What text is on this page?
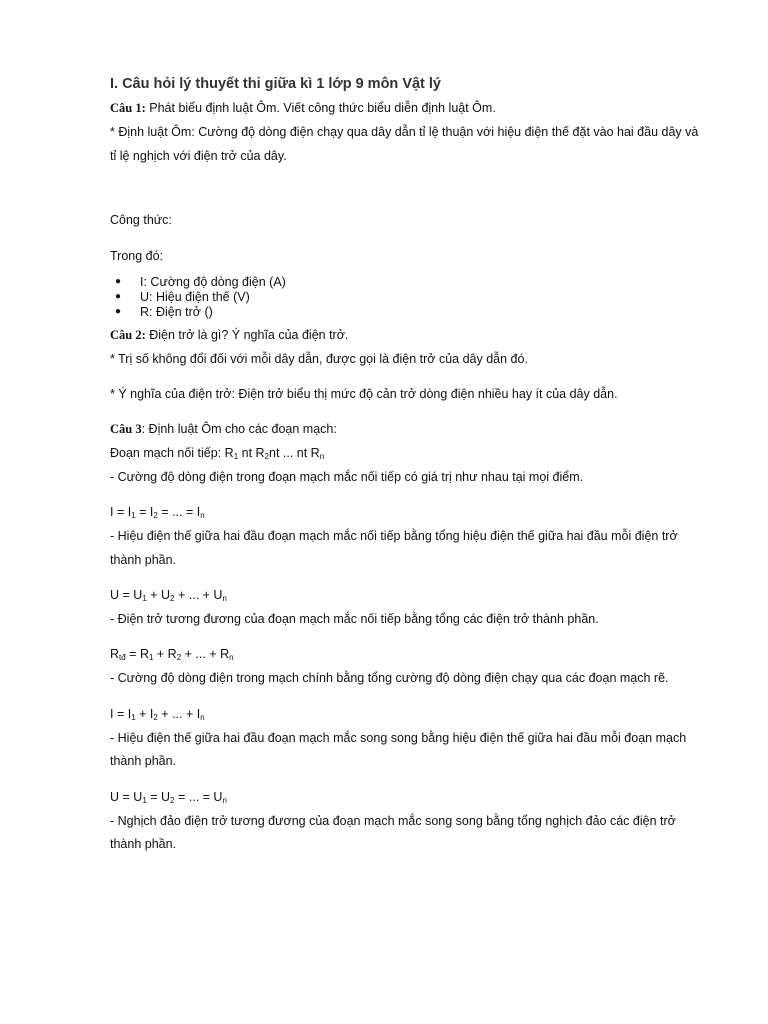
I. Câu hỏi lý thuyết thi giữa kì 1 lớp 9 môn Vật lý
Câu 1: Phát biểu định luật Ôm. Viết công thức biểu diễn định luật Ôm.
* Định luật Ôm: Cường độ dòng điện chạy qua dây dẫn tỉ lệ thuận với hiệu điện thế đặt vào hai đầu dây và
tỉ lệ nghịch với điện trở của dây.
Công thức:
Trong đó:
● I: Cường độ dòng điện (A)
● U: Hiệu điện thế (V)
● R: Điện trở ()
Câu 2: Điện trở là gì? Ý nghĩa của điện trở.
* Trị số không đổi đối với mỗi dây dẫn, được gọi là điện trở của dây dẫn đó.
* Ý nghĩa của điện trở: Điện trở biểu thị mức độ cản trở dòng điện nhiều hay ít của dây dẫn.
Câu 3: Định luật Ôm cho các đoạn mạch:
Đoạn mạch nối tiếp: $R_1$ nt $R_2nt$ ... nt $R_n$
- Cường độ dòng điện trong đoạn mạch mắc nối tiếp có giá trị như nhau tại mọi điểm.
$I = I_1 = I_2$ = ... = $I_n$
- Hiệu điện thế giữa hai đầu đoạn mạch mắc nối tiếp bằng tổng hiệu điện thế giữa hai đầu mỗi điện trở
thành phần.
$U = U_1 + U_2$ + ... + $U_n$
- Điện trở tương đương của đoạn mạch mắc nối tiếp bằng tổng các điện trở thành phần.
$R_{tđ} = R_1 + R_2$ + ... + $R_n$
- Cường độ dòng điện trong mạch chính bằng tổng cường độ dòng điện chạy qua các đoạn mạch rẽ.
$I = I_1 + I_2$ + ... + $I_n$
- Hiệu điện thế giữa hai đầu đoạn mạch mắc song song bằng hiệu điện thế giữa hai đầu mỗi đoạn mạch
thành phần.
$U = U_1 = U_2$ = ... = $U_n$
- Nghịch đảo điện trở tương đương của đoạn mạch mắc song song bằng tổng nghịch đảo các điện trở
thành phần.
